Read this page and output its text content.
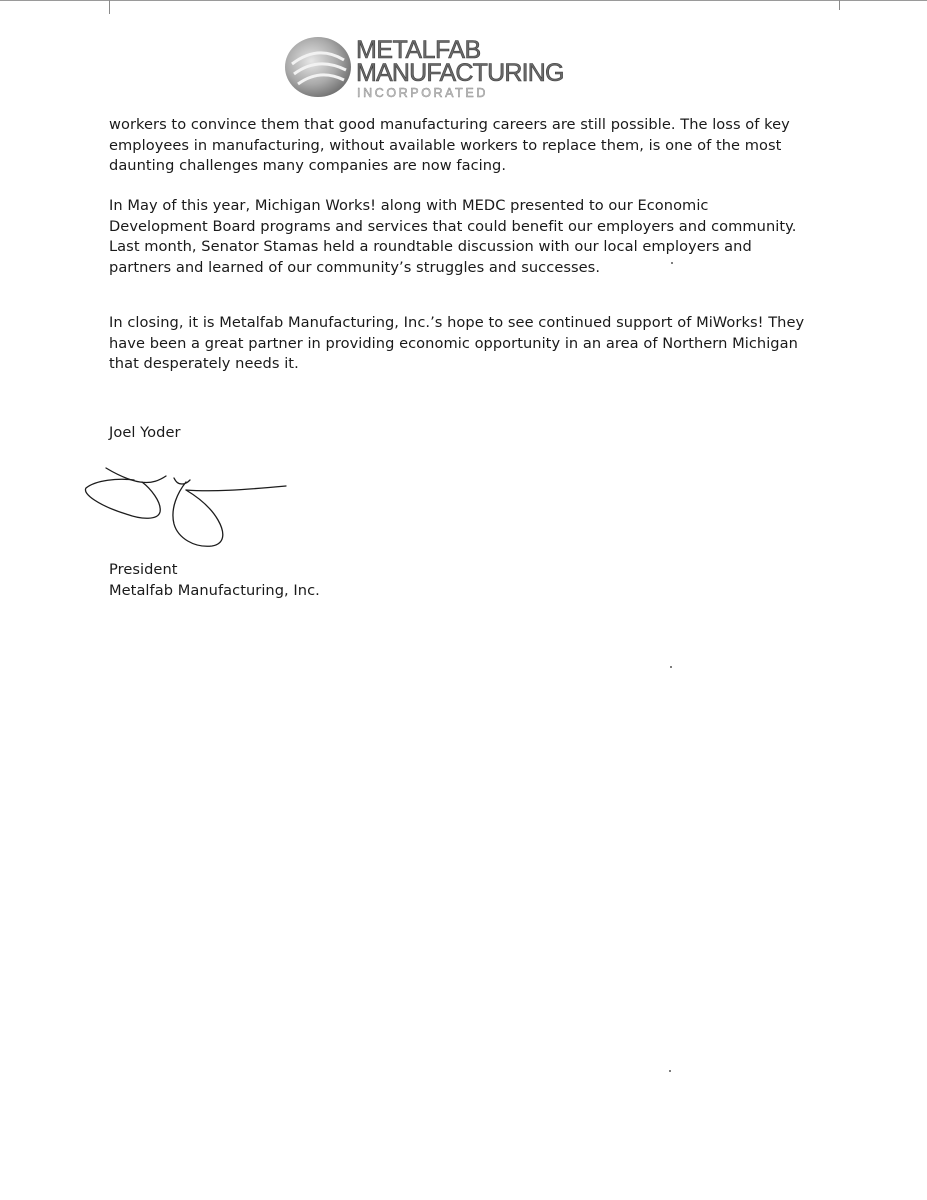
METALFAB
MANUFACTURING
INCORPORATED

workers to convince them that good manufacturing careers are still possible. The loss of key employees in manufacturing, without available workers to replace them, is one of the most daunting challenges many companies are now facing.

In May of this year, Michigan Works! along with MEDC presented to our Economic Development Board programs and services that could benefit our employers and community. Last month, Senator Stamas held a roundtable discussion with our local employers and partners and learned of our community’s struggles and successes.

In closing, it is Metalfab Manufacturing, Inc.’s hope to see continued support of MiWorks! They have been a great partner in providing economic opportunity in an area of Northern Michigan that desperately needs it.

Joel Yoder

President
Metalfab Manufacturing, Inc.
